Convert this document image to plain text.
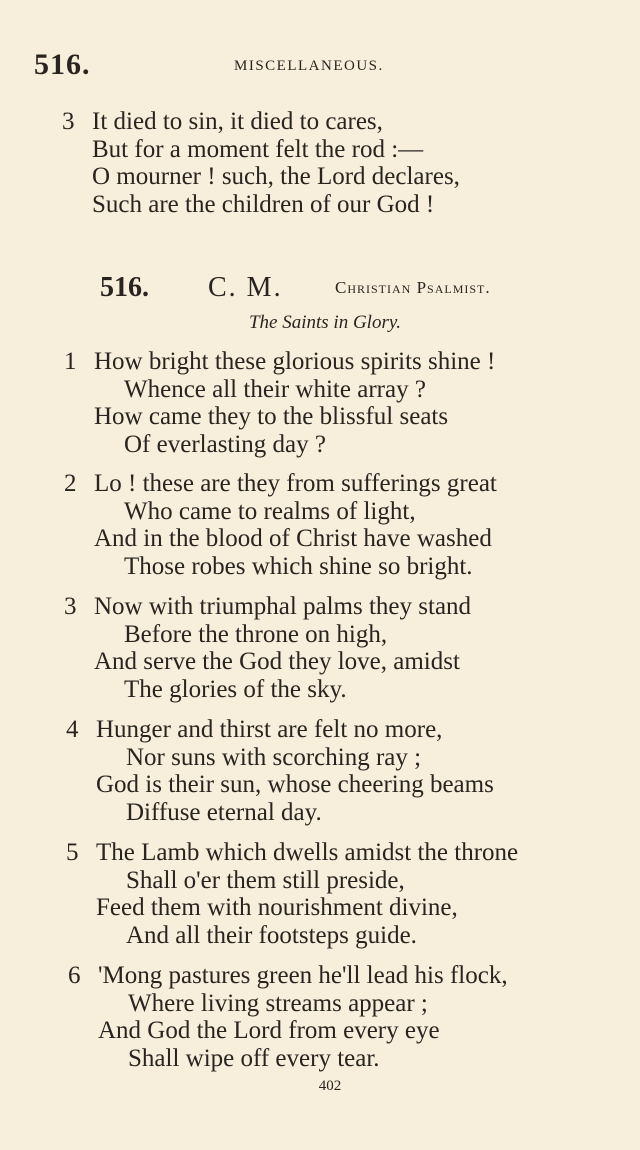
516.	MISCELLANEOUS.
3 It died to sin, it died to cares,
But for a moment felt the rod :—
O mourner ! such, the Lord declares,
Such are the children of our God !
516. C. M.	Christian Psalmist.
The Saints in Glory.
1 How bright these glorious spirits shine !
Whence all their white array ?
How came they to the blissful seats
Of everlasting day ?
2 Lo ! these are they from sufferings great
Who came to realms of light,
And in the blood of Christ have washed
Those robes which shine so bright.
3 Now with triumphal palms they stand
Before the throne on high,
And serve the God they love, amidst
The glories of the sky.
4 Hunger and thirst are felt no more,
Nor suns with scorching ray ;
God is their sun, whose cheering beams
Diffuse eternal day.
5 The Lamb which dwells amidst the throne
Shall o'er them still preside,
Feed them with nourishment divine,
And all their footsteps guide.
6 'Mong pastures green he'll lead his flock,
Where living streams appear ;
And God the Lord from every eye
Shall wipe off every tear.
402
